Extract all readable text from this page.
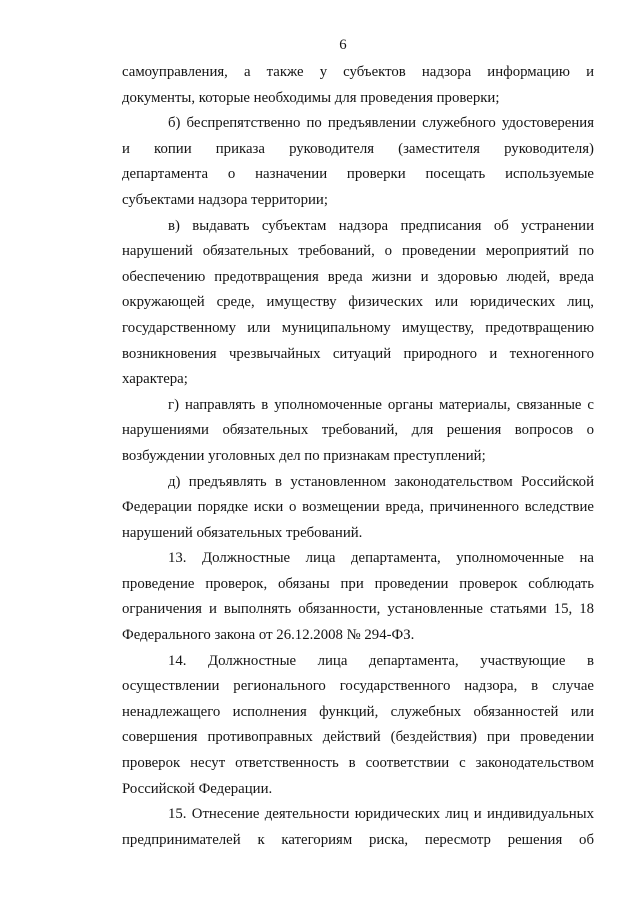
6
самоуправления, а также у субъектов надзора информацию и
документы, которые необходимы для проведения проверки;
б) беспрепятственно по предъявлении служебного удостоверения
и копии приказа руководителя (заместителя руководителя)
департамента о назначении проверки посещать используемые
субъектами надзора территории;
в) выдавать субъектам надзора предписания об устранении
нарушений обязательных требований, о проведении мероприятий по
обеспечению предотвращения вреда жизни и здоровью людей, вреда
окружающей среде, имуществу физических или юридических лиц,
государственному или муниципальному имуществу, предотвращению
возникновения чрезвычайных ситуаций природного и техногенного
характера;
г) направлять в уполномоченные органы материалы, связанные с
нарушениями обязательных требований, для решения вопросов о
возбуждении уголовных дел по признакам преступлений;
д) предъявлять в установленном законодательством Российской
Федерации порядке иски о возмещении вреда, причиненного вследствие
нарушений обязательных требований.
13. Должностные лица департамента, уполномоченные на
проведение проверок, обязаны при проведении проверок соблюдать
ограничения и выполнять обязанности, установленные статьями 15, 18
Федерального закона от 26.12.2008 № 294-ФЗ.
14. Должностные лица департамента, участвующие в
осуществлении регионального государственного надзора, в случае
ненадлежащего исполнения функций, служебных обязанностей или
совершения противоправных действий (бездействия) при проведении
проверок несут ответственность в соответствии с законодательством
Российской Федерации.
15. Отнесение деятельности юридических лиц и индивидуальных
предпринимателей к категориям риска, пересмотр решения об
